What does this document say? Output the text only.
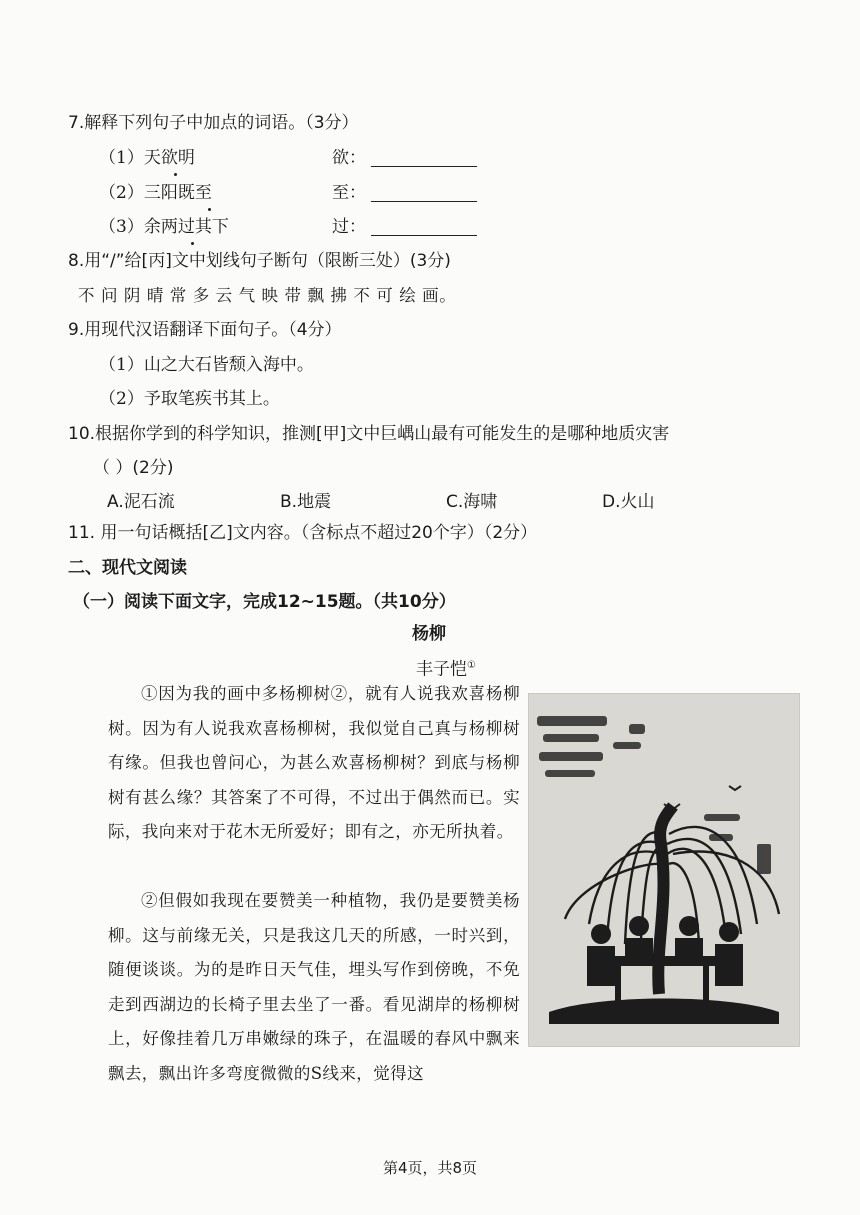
7.解释下列句子中加点的词语。（3分）
（1）天欲明	欲：
（2）三阳既至	至：
（3）余两过其下	过：
8.用“/”给[丙]文中划线句子断句（限断三处）(3分)
不 问 阴 晴 常 多 云 气 映 带 飘 拂 不 可 绘 画。
9.用现代汉语翻译下面句子。（4分）
（1）山之大石皆颓入海中。
（2）予取笔疾书其上。
10.根据你学到的科学知识，推测[甲]文中巨嵎山最有可能发生的是哪种地质灾害
（ ）(2分)
A.泥石流	B.地震	C.海啸	D.火山
11. 用一句话概括[乙]文内容。（含标点不超过20个字）（2分）
二、现代文阅读
（一）阅读下面文字，完成12~15题。（共10分）
杨柳
丰子恺①
①因为我的画中多杨柳树②，就有人说我欢喜杨柳树。因为有人说我欢喜杨柳树，我似觉自己真与杨柳树有缘。但我也曾问心，为甚么欢喜杨柳树？到底与杨柳树有甚么缘？其答案了不可得，不过出于偶然而已。实际，我向来对于花木无所爱好；即有之，亦无所执着。
②但假如我现在要赞美一种植物，我仍是要赞美杨柳。这与前缘无关，只是我这几天的所感，一时兴到，随便谈谈。为的是昨日天气佳，埋头写作到傍晚，不免走到西湖边的长椅子里去坐了一番。看见湖岸的杨柳树上，好像挂着几万串嫩绿的珠子，在温暖的春风中飘来飘去，飘出许多弯度微微的S线来，觉得这
第4页，共8页
